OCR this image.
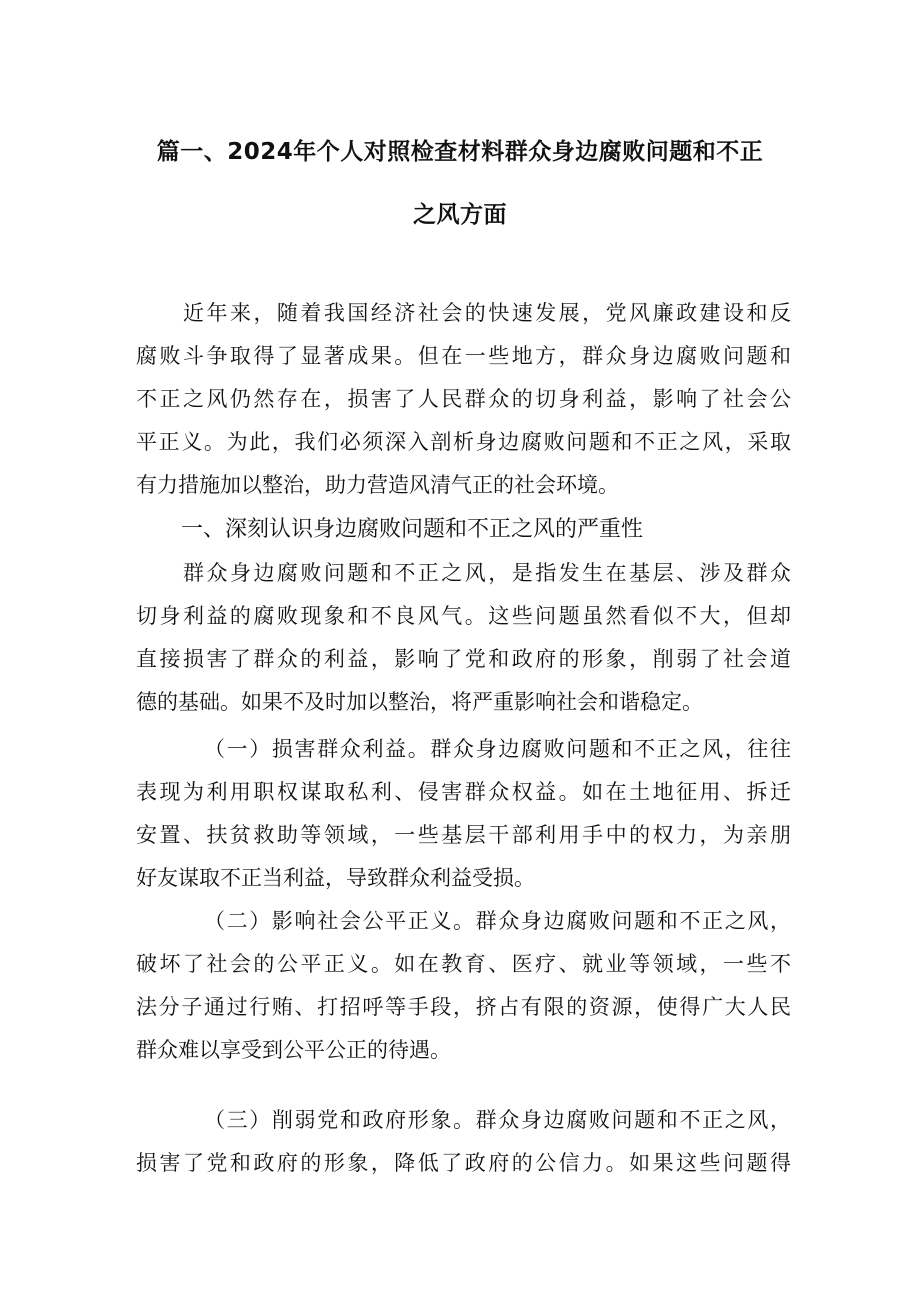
篇一、2024年个人对照检查材料群众身边腐败问题和不正
之风方面
近年来，随着我国经济社会的快速发展，党风廉政建设和反
腐败斗争取得了显著成果。但在一些地方，群众身边腐败问题和
不正之风仍然存在，损害了人民群众的切身利益，影响了社会公
平正义。为此，我们必须深入剖析身边腐败问题和不正之风，采取
有力措施加以整治，助力营造风清气正的社会环境。
一、深刻认识身边腐败问题和不正之风的严重性
群众身边腐败问题和不正之风，是指发生在基层、涉及群众
切身利益的腐败现象和不良风气。这些问题虽然看似不大，但却
直接损害了群众的利益，影响了党和政府的形象，削弱了社会道
德的基础。如果不及时加以整治，将严重影响社会和谐稳定。
（一）损害群众利益。群众身边腐败问题和不正之风，往往
表现为利用职权谋取私利、侵害群众权益。如在土地征用、拆迁
安置、扶贫救助等领域，一些基层干部利用手中的权力，为亲朋
好友谋取不正当利益，导致群众利益受损。
（二）影响社会公平正义。群众身边腐败问题和不正之风，
破坏了社会的公平正义。如在教育、医疗、就业等领域，一些不
法分子通过行贿、打招呼等手段，挤占有限的资源，使得广大人民
群众难以享受到公平公正的待遇。
（三）削弱党和政府形象。群众身边腐败问题和不正之风，
损害了党和政府的形象，降低了政府的公信力。如果这些问题得
